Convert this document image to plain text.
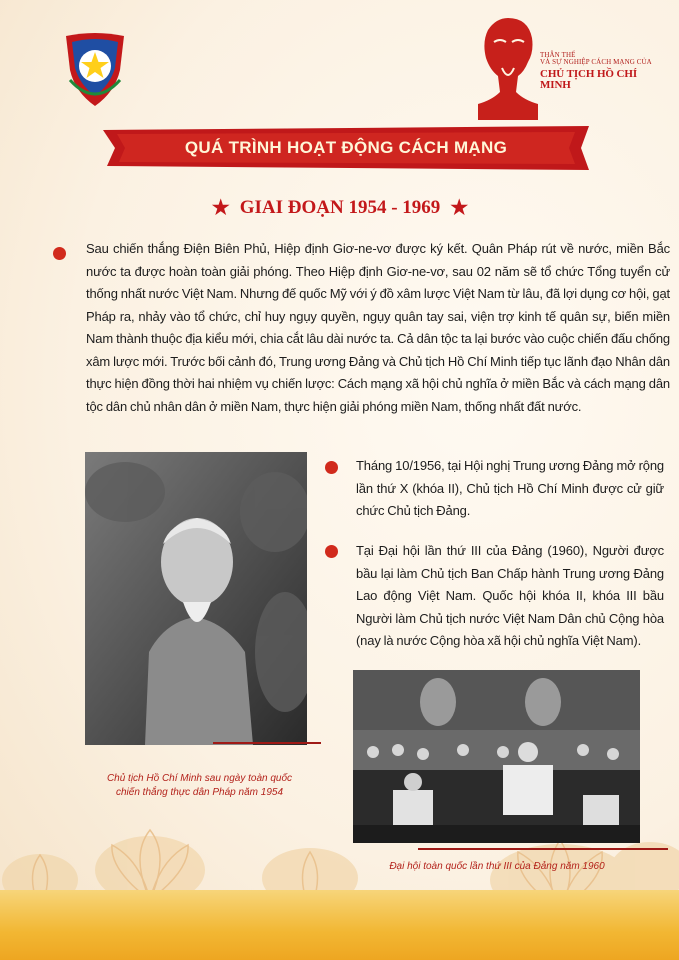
THÂN THẾ
VÀ SỰ NGHIỆP CÁCH MẠNG CỦA
CHỦ TỊCH HỒ CHÍ MINH
QUÁ TRÌNH HOẠT ĐỘNG CÁCH MẠNG
★ GIAI ĐOẠN 1954 - 1969 ★

Sau chiến thắng Điện Biên Phủ, Hiệp định Giơ-ne-vơ được ký kết. Quân Pháp rút về nước, miền Bắc nước ta được hoàn toàn giải phóng. Theo Hiệp định Giơ-ne-vơ, sau 02 năm sẽ tổ chức Tổng tuyển cử thống nhất nước Việt Nam. Nhưng đế quốc Mỹ với ý đồ xâm lược Việt Nam từ lâu, đã lợi dụng cơ hội, gạt Pháp ra, nhảy vào tổ chức, chỉ huy ngụy quyền, ngụy quân tay sai, viện trợ kinh tế quân sự, biến miền Nam thành thuộc địa kiểu mới, chia cắt lâu dài nước ta. Cả dân tộc ta lại bước vào cuộc chiến đấu chống xâm lược mới. Trước bối cảnh đó, Trung ương Đảng và Chủ tịch Hồ Chí Minh tiếp tục lãnh đạo Nhân dân thực hiện đồng thời hai nhiệm vụ chiến lược: Cách mạng xã hội chủ nghĩa ở miền Bắc và cách mạng dân tộc dân chủ nhân dân ở miền Nam, thực hiện giải phóng miền Nam, thống nhất đất nước.

Chủ tịch Hồ Chí Minh sau ngày toàn quốc
chiến thắng thực dân Pháp năm 1954

Tháng 10/1956, tại Hội nghị Trung ương Đảng mở rộng lần thứ X (khóa II), Chủ tịch Hồ Chí Minh được cử giữ chức Chủ tịch Đảng.

Tại Đại hội lần thứ III của Đảng (1960), Người được bầu lại làm Chủ tịch Ban Chấp hành Trung ương Đảng Lao động Việt Nam. Quốc hội khóa II, khóa III bầu Người làm Chủ tịch nước Việt Nam Dân chủ Cộng hòa (nay là nước Cộng hòa xã hội chủ nghĩa Việt Nam).

Đại hội toàn quốc lần thứ III của Đảng năm 1960
